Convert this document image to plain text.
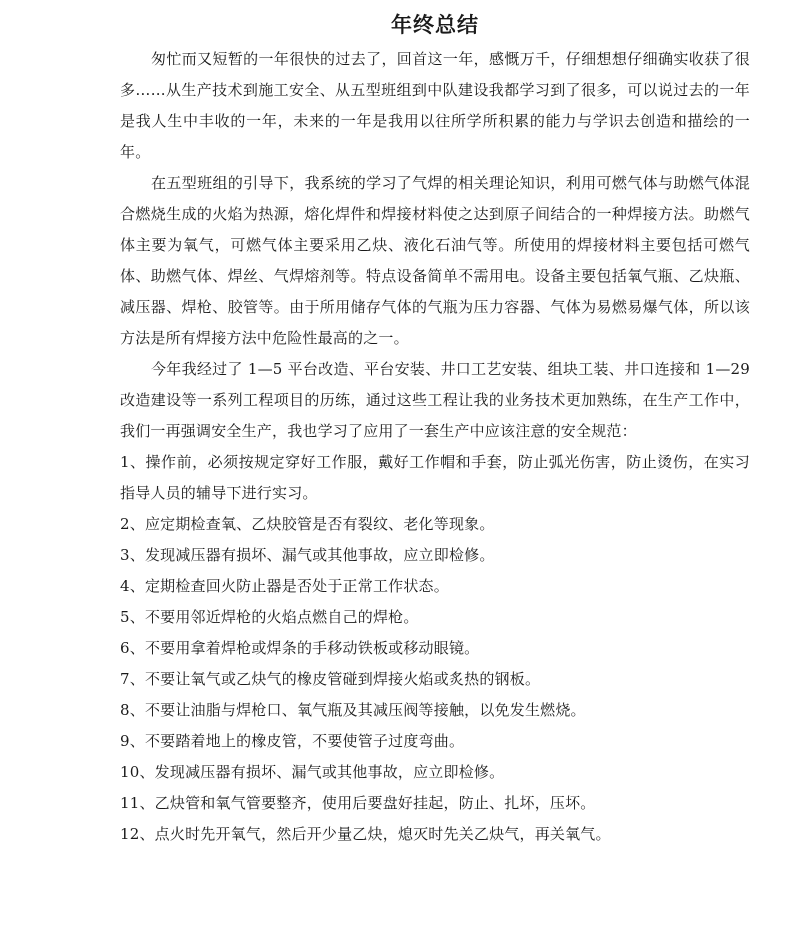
年终总结

匆忙而又短暂的一年很快的过去了，回首这一年，感慨万千，仔细想想仔细确实收获了很多……从生产技术到施工安全、从五型班组到中队建设我都学习到了很多，可以说过去的一年是我人生中丰收的一年，未来的一年是我用以往所学所积累的能力与学识去创造和描绘的一年。

在五型班组的引导下，我系统的学习了气焊的相关理论知识，利用可燃气体与助燃气体混合燃烧生成的火焰为热源，熔化焊件和焊接材料使之达到原子间结合的一种焊接方法。助燃气体主要为氧气，可燃气体主要采用乙炔、液化石油气等。所使用的焊接材料主要包括可燃气体、助燃气体、焊丝、气焊熔剂等。特点设备简单不需用电。设备主要包括氧气瓶、乙炔瓶、减压器、焊枪、胶管等。由于所用储存气体的气瓶为压力容器、气体为易燃易爆气体，所以该方法是所有焊接方法中危险性最高的之一。

今年我经过了 1—5 平台改造、平台安装、井口工艺安装、组块工装、井口连接和 1—29 改造建设等一系列工程项目的历练，通过这些工程让我的业务技术更加熟练，在生产工作中，我们一再强调安全生产，我也学习了应用了一套生产中应该注意的安全规范：

1、操作前，必须按规定穿好工作服，戴好工作帽和手套，防止弧光伤害，防止烫伤，在实习指导人员的辅导下进行实习。
2、应定期检查氧、乙炔胶管是否有裂纹、老化等现象。
3、发现减压器有损坏、漏气或其他事故，应立即检修。
4、定期检查回火防止器是否处于正常工作状态。
5、不要用邻近焊枪的火焰点燃自己的焊枪。
6、不要用拿着焊枪或焊条的手移动铁板或移动眼镜。
7、不要让氧气或乙炔气的橡皮管碰到焊接火焰或炙热的钢板。
8、不要让油脂与焊枪口、氧气瓶及其减压阀等接触，以免发生燃烧。
9、不要踏着地上的橡皮管，不要使管子过度弯曲。
10、发现减压器有损坏、漏气或其他事故，应立即检修。
11、乙炔管和氧气管要整齐，使用后要盘好挂起，防止、扎坏，压坏。
12、点火时先开氧气，然后开少量乙炔，熄灭时先关乙炔气，再关氧气。
